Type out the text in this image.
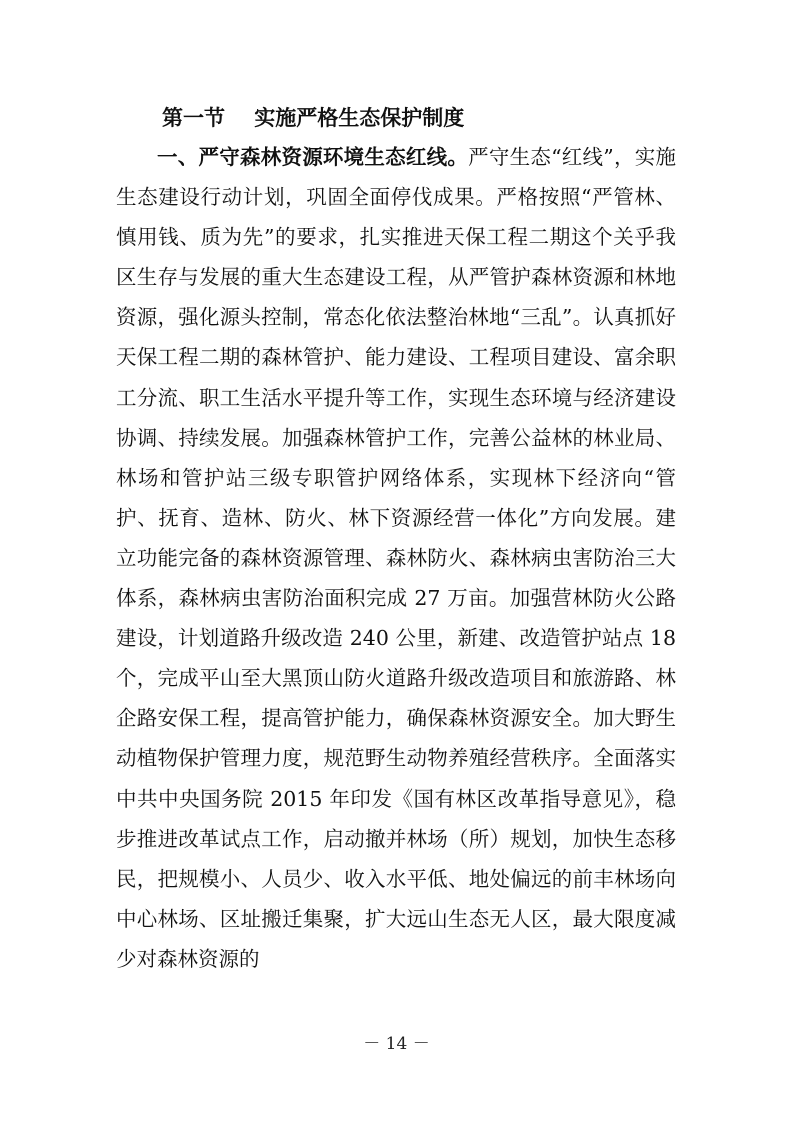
第一节    实施严格生态保护制度

一、严守森林资源环境生态红线。严守生态“红线”，实施生态建设行动计划，巩固全面停伐成果。严格按照“严管林、慎用钱、质为先”的要求，扎实推进天保工程二期这个关乎我区生存与发展的重大生态建设工程，从严管护森林资源和林地资源，强化源头控制，常态化依法整治林地“三乱”。认真抓好天保工程二期的森林管护、能力建设、工程项目建设、富余职工分流、职工生活水平提升等工作，实现生态环境与经济建设协调、持续发展。加强森林管护工作，完善公益林的林业局、林场和管护站三级专职管护网络体系，实现林下经济向“管护、抚育、造林、防火、林下资源经营一体化”方向发展。建立功能完备的森林资源管理、森林防火、森林病虫害防治三大体系，森林病虫害防治面积完成 27 万亩。加强营林防火公路建设，计划道路升级改造 240 公里，新建、改造管护站点 18 个，完成平山至大黑顶山防火道路升级改造项目和旅游路、林企路安保工程，提高管护能力，确保森林资源安全。加大野生动植物保护管理力度，规范野生动物养殖经营秩序。全面落实中共中央国务院 2015 年印发《国有林区改革指导意见》，稳步推进改革试点工作，启动撤并林场（所）规划，加快生态移民，把规模小、人员少、收入水平低、地处偏远的前丰林场向中心林场、区址搬迁集聚，扩大远山生态无人区，最大限度减少对森林资源的

－ 14 －
